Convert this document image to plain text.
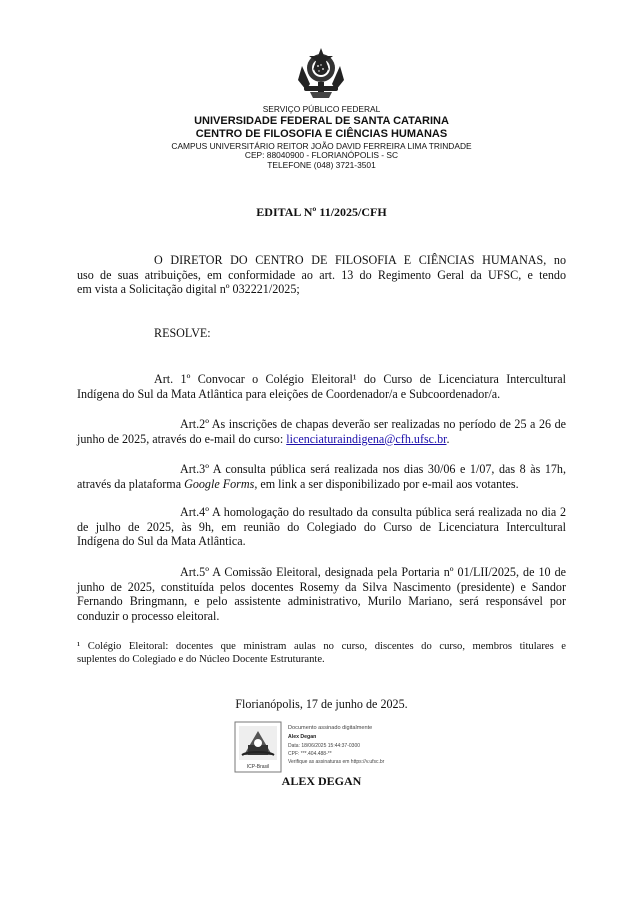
SERVIÇO PÚBLICO FEDERAL
UNIVERSIDADE FEDERAL DE SANTA CATARINA
CENTRO DE FILOSOFIA E CIÊNCIAS HUMANAS
CAMPUS UNIVERSITÁRIO REITOR JOÃO DAVID FERREIRA LIMA TRINDADE
CEP: 88040900 - FLORIANÓPOLIS - SC
TELEFONE (048) 3721-3501
EDITAL Nº 11/2025/CFH
O DIRETOR DO CENTRO DE FILOSOFIA E CIÊNCIAS HUMANAS, no
uso de suas atribuições, em conformidade ao art. 13 do Regimento Geral da UFSC, e tendo
em vista a Solicitação digital nº 032221/2025;
RESOLVE:
Art. 1º Convocar o Colégio Eleitoral¹ do Curso de Licenciatura Intercultural
Indígena do Sul da Mata Atlântica para eleições de Coordenador/a e Subcoordenador/a.
Art.2º As inscrições de chapas deverão ser realizadas no período de 25 a 26 de
junho de 2025, através do e-mail do curso: licenciaturaindigena@cfh.ufsc.br.
Art.3º A consulta pública será realizada nos dias 30/06 e 1/07, das 8 às 17h,
através da plataforma Google Forms, em link a ser disponibilizado por e-mail aos votantes.
Art.4º A homologação do resultado da consulta pública será realizada no dia 2
de julho de 2025, às 9h, em reunião do Colegiado do Curso de Licenciatura Intercultural
Indígena do Sul da Mata Atlântica.
Art.5º A Comissão Eleitoral, designada pela Portaria nº 01/LII/2025, de 10 de
junho de 2025, constituída pelos docentes Rosemy da Silva Nascimento (presidente) e Sandor
Fernando Bringmann, e pelo assistente administrativo, Murilo Mariano, será responsável por
conduzir o processo eleitoral.
¹ Colégio Eleitoral: docentes que ministram aulas no curso, discentes do curso, membros titulares e
suplentes do Colegiado e do Núcleo Docente Estruturante.
Florianópolis, 17 de junho de 2025.
ICP-Brasil
Documento assinado digitalmente
Alex Degan
Data: 18/06/2025 15:44:37-0300
CPF: ***.404.488-**
Verifique as assinaturas em https://v.ufsc.br
ALEX DEGAN
